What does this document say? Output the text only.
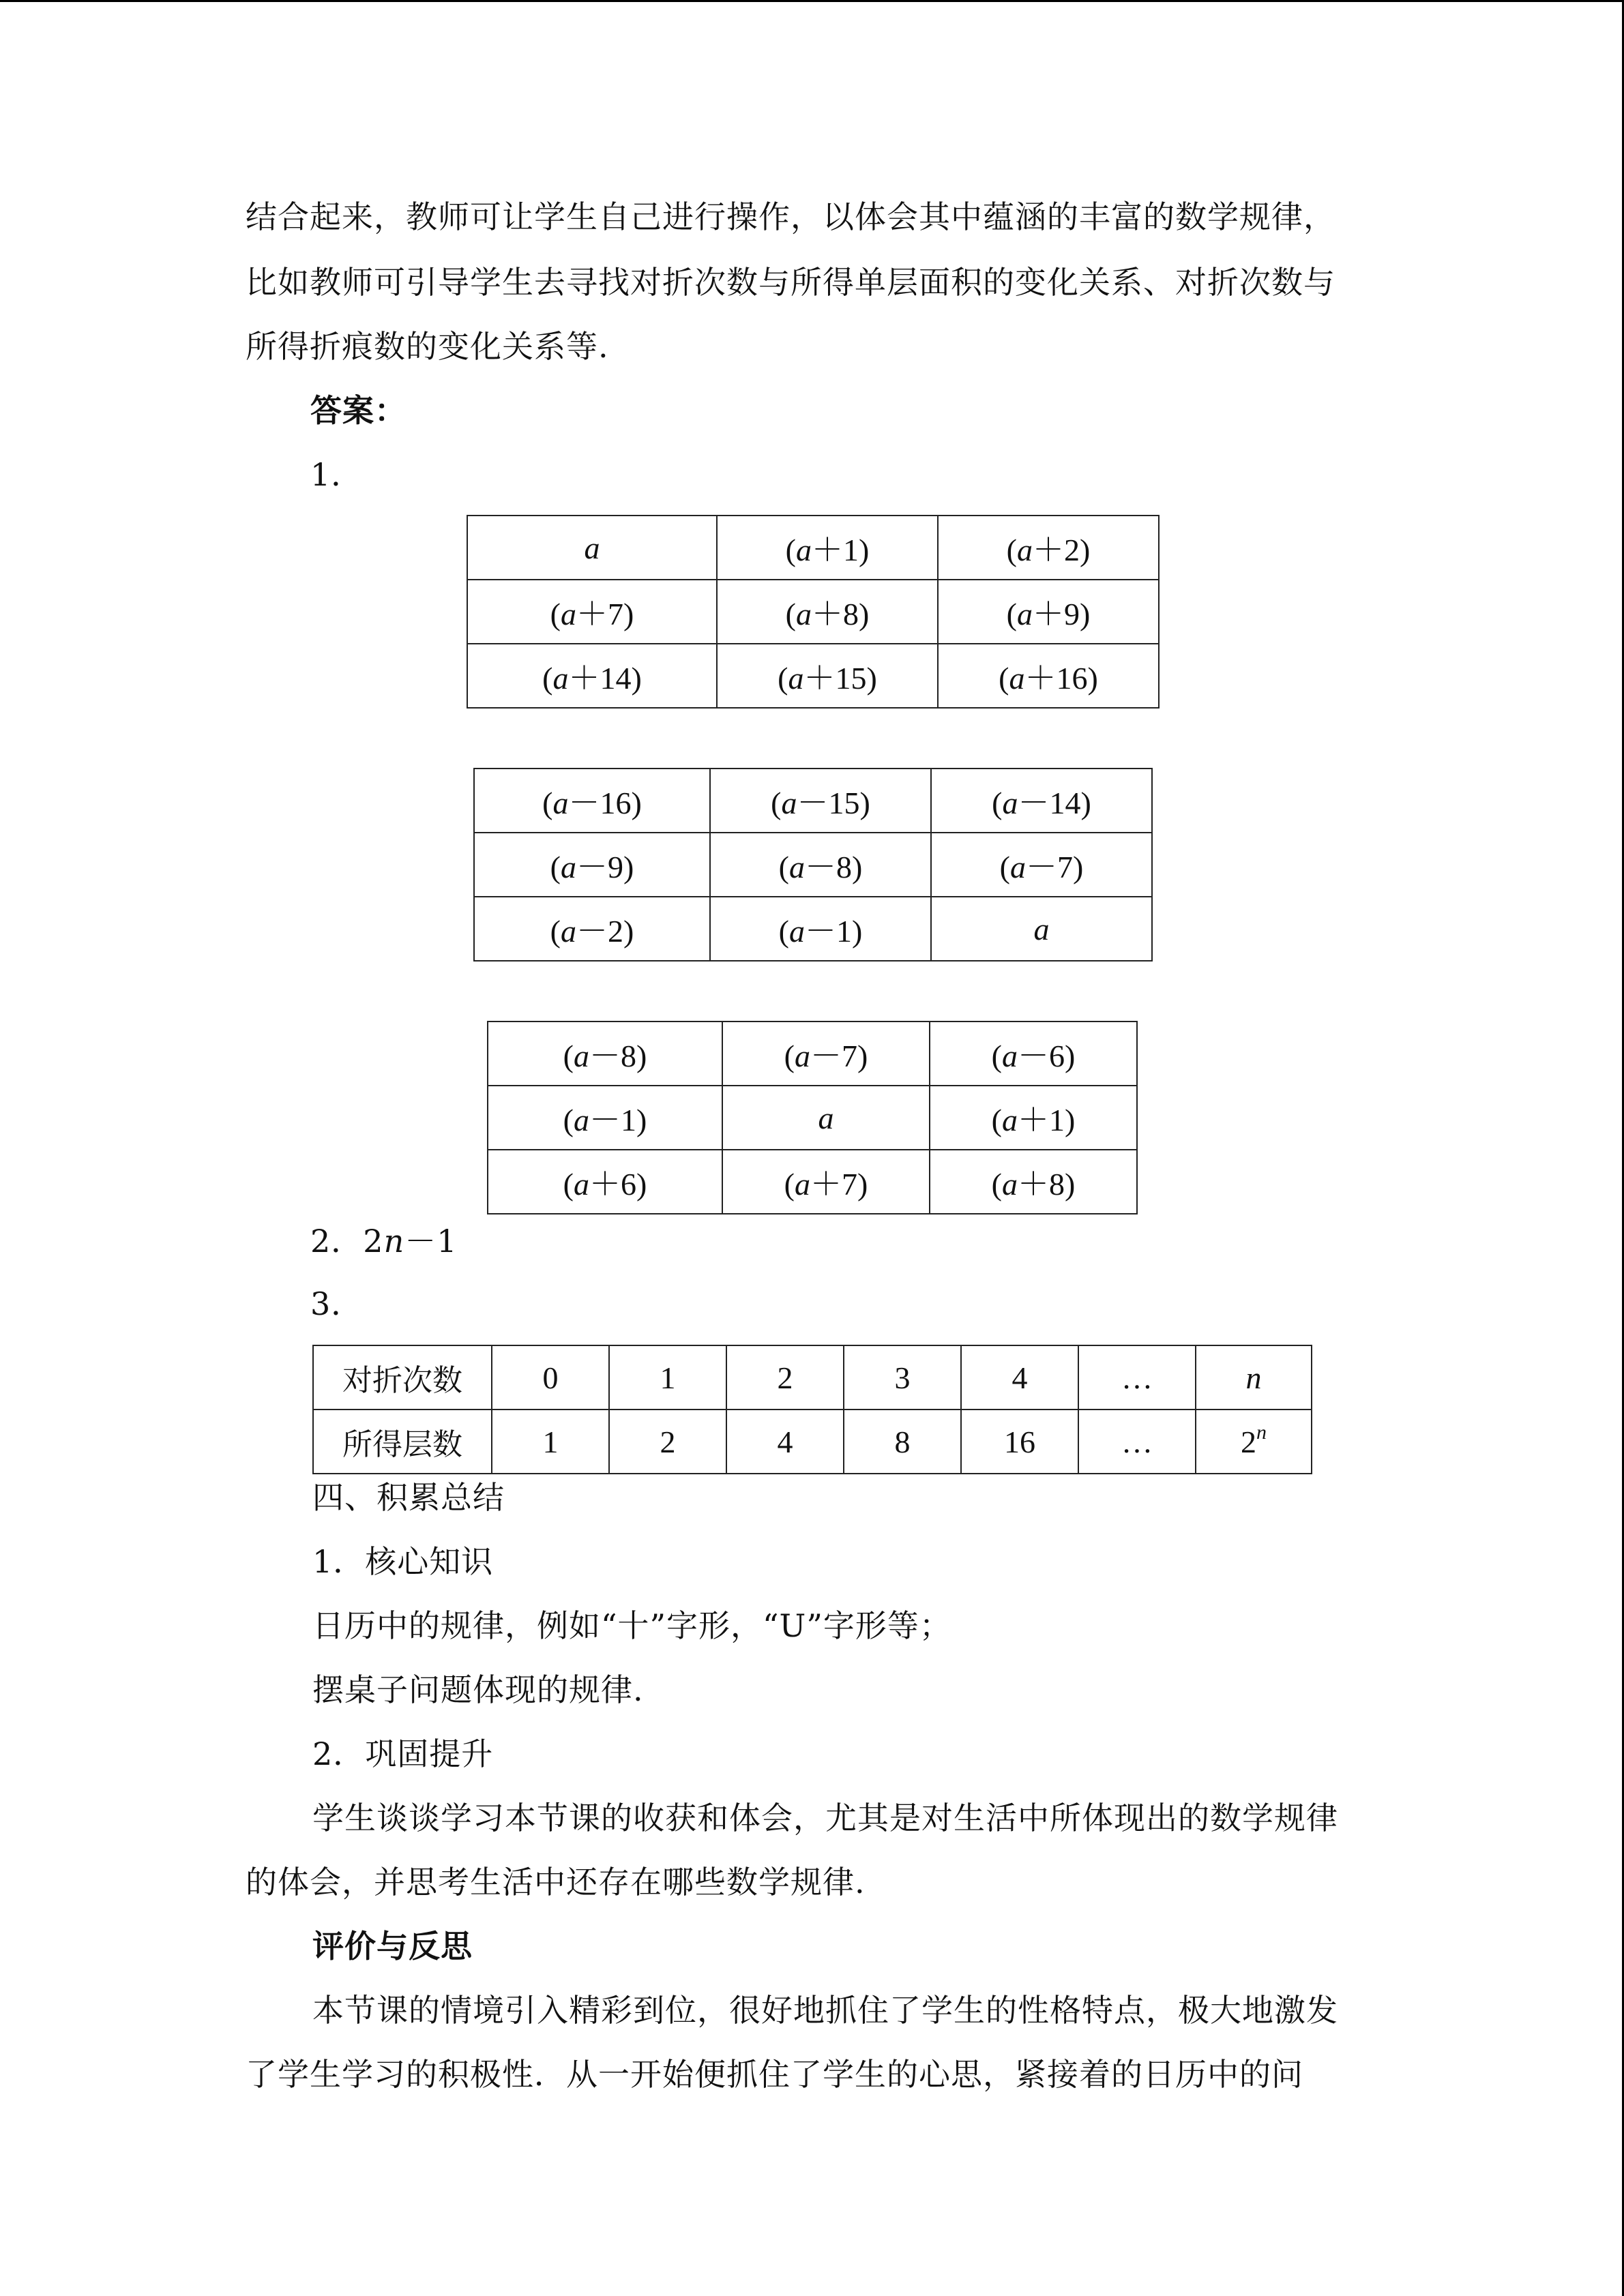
结合起来，教师可让学生自己进行操作，以体会其中蕴涵的丰富的数学规律，
比如教师可引导学生去寻找对折次数与所得单层面积的变化关系、对折次数与
所得折痕数的变化关系等.
答案：
1．
a	(a＋1)	(a＋2)
(a＋7)	(a＋8)	(a＋9)
(a＋14)	(a＋15)	(a＋16)
(a－16)	(a－15)	(a－14)
(a－9)	(a－8)	(a－7)
(a－2)	(a－1)	a
(a－8)	(a－7)	(a－6)
(a－1)	a	(a＋1)
(a＋6)	(a＋7)	(a＋8)
2．2n－1
3．
对折次数	0	1	2	3	4	…	n
所得层数	1	2	4	8	16	…	2$^n$
四、积累总结
1．核心知识
日历中的规律，例如“十”字形，“U”字形等；
摆桌子问题体现的规律.
2．巩固提升
学生谈谈学习本节课的收获和体会，尤其是对生活中所体现出的数学规律
的体会，并思考生活中还存在哪些数学规律.
评价与反思
本节课的情境引入精彩到位，很好地抓住了学生的性格特点，极大地激发
了学生学习的积极性．从一开始便抓住了学生的心思，紧接着的日历中的问
